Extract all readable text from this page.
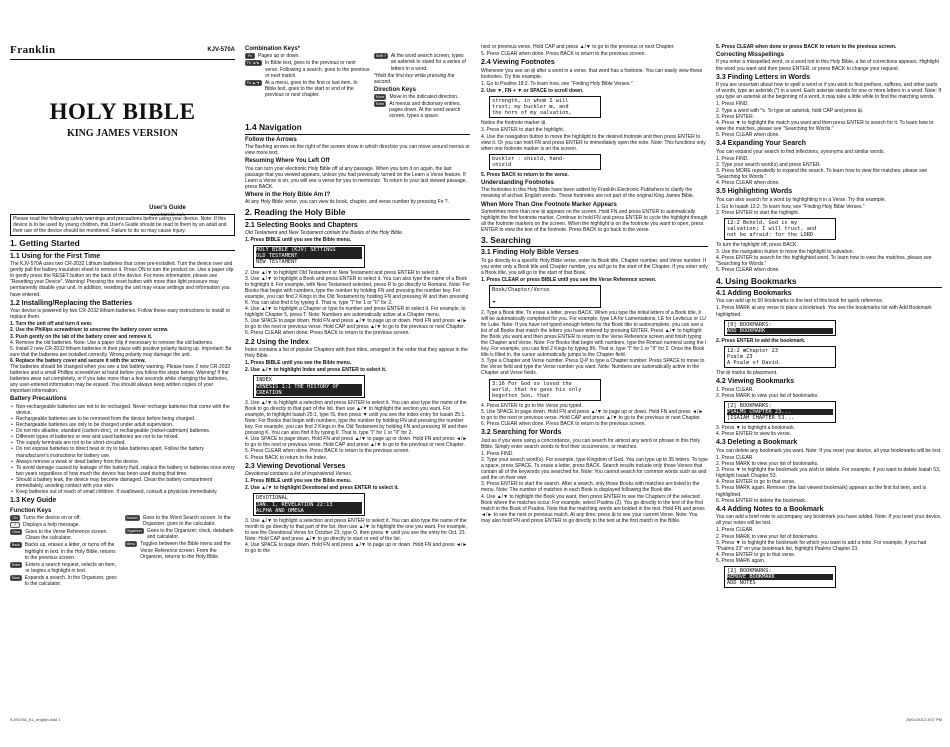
Franklin	KJV-570A
HOLY BIBLE
KING JAMES VERSION
User's Guide
www.franklin.com
Please read the following safety warnings and precautions before using your device. Note: If this device is to be used by young children, this User's Guide should be read to them by an adult and their use of the device should be monitored. Failure to do so may cause injury.
1. Getting Started
1.1 Using for the First Time

The KJV-570A uses two CR-2032 Lithium batteries that come pre-installed. Turn the device over and gently pull the battery insulation sheet to remove it. Press ON to turn the product on. Use a paper clip to gently press the RESET button on the back of the device. For more information, please see "Resetting your Device". Warning! Pressing the reset button with more than light pressure may permanently disable your unit. In addition, resetting the unit may erase settings and information you have entered.

1.2 Installing/Replacing the Batteries

Your device is powered by two CR-2032 lithium batteries. Follow these easy instructions to install or replace them.

1. Turn the unit off and turn it over.
2. Use the Phillips screwdriver to unscrew the battery cover screw.
3. Push gently on the tab of the battery cover and remove it.
4. Remove the old batteries. Note: Use a paper clip if necessary to remove the old batteries.
5. Install 2 new CR-2032 lithium batteries in their place with positive polarity facing up. Important: Be sure that the batteries are installed correctly. Wrong polarity may damage the unit.
6. Replace the battery cover and secure it with the screw.

The batteries should be changed when you see a low battery warning. Please have 2 new CR-2032 batteries and a small Phillips screwdriver at hand before you follow the steps below. Warning! If the batteries wear out completely, or if you take more than a few seconds while changing the batteries, any user-entered information may be erased. You should always keep written copies of your important information.

Battery Precautions
• Non-rechargeable batteries are not to be recharged. Never recharge batteries that come with the device.
• Rechargeable batteries are to be removed from the device before being charged.
• Rechargeable batteries are only to be charged under adult supervision.
• Do not mix alkaline, standard (carbon-zinc), or rechargeable (nickel-cadmium) batteries.
• Different types of batteries or new and used batteries are not to be mixed.
• The supply terminals are not to be short-circuited.
• Do not expose batteries to direct heat or try to take batteries apart. Follow the battery manufacturer's instructions for battery use.
• Always remove a weak or dead battery from the device.
• To avoid damage caused by leakage of the battery fluid, replace the battery or batteries once every two years regardless of how much the device has been used during that time.
• Should a battery leak, the device may become damaged. Clean the battery compartment immediately, avoiding contact with your skin.
• Keep batteries out of reach of small children. If swallowed, consult a physician immediately.
1.3 Key Guide
Function Keys
ON	Turns the device on or off.
?	Displays a help message.
Clear	Goes to the Verse Reference screen. Clears the calculator.
Back	Backs up, erases a letter, or turns off the highlight in text. In the Holy Bible, returns to the previous screen.
Enter	Enters a search request, selects an item, or begins a highlight in text.
Mark	Expands a search. In the Organizer, goes to the calculator.
Search	Goes to the Word Search screen. In the Organizer, goes to the calculator.
Organizer	Goes to the Organizer; clock, databank and calculator.
Menu	Toggles between the Bible menu and the Verse Reference screen. From the Organizer, returns to the Holy Bible.
Combination Keys*
Fn	Pages up or down.
Fn ◄/►	In Bible text, goes to the previous or next verse. Following a search, goes to the previous or next match.
Fn ▲/▼	At a menu, goes to the first or last item. In Bible text, goes to the start or end of the previous or next chapter.
Shift ?	At the word search screen, types an asterisk to stand for a series of letters in a word.

*Hold the first key while pressing the second.

Direction Keys
Move	Move in the indicated direction.
Enter	At menus and dictionary entries, pages down. At the word search screen, types a space.
1.4 Navigation
Follow the Arrows

The flashing arrows on the right of the screen show in which direction you can move around menus or view more text.

Resuming Where You Left Off

You can turn your electronic Holy Bible off at any passage. When you turn it on again, the last passage that you viewed appears, unless you had previously turned on the Learn a Verse feature. If Learn a Verse is on, you will see a verse for you to memorize. To return to your last viewed passage, press BACK.

Where in the Holy Bible Am I?

At any Holy Bible verse, you can view its book, chapter, and verse number by pressing Fn ?.

2. Reading the Holy Bible
2.1 Selecting Books and Chapters

Old Testament and New Testament contain the Books of the Holy Bible.

1. Press BIBLE until you see the Bible menu.

HOLY BIBLE (KJV) SETTINGS
OLD TESTAMENT
NEW TESTAMENT
2. Use ▲/▼ to highlight Old Testament or New Testament and press ENTER to select it.
3. Use ▲/▼ to highlight a Book and press ENTER to select it. You can also type the name of a Book to highlight it. For example, with New Testament selected, press R to go directly to Romans. Note: For Books that begin with numbers, type the number by holding FN and pressing the number key. For example, you can find 2 Kings in the Old Testament by holding FN and pressing W and then pressing K. You can also find it by typing II. That is, type "I" for 1 or "II" for 2.
4. Use ▲/▼ to highlight a Chapter or type its number and press ENTER to select it. For example, to highlight Chapter 5, press T. Note: Numbers are automatically active at a Chapter menu.
5. Use SPACE to page down. Hold FN and press ▲/▼ to page up or down. Hold FN and press ◄/► to go to the next or previous verse. Hold CAP and press ▲/▼ to go to the previous or next Chapter.
6. Press CLEAR when done. Press BACK to return to the previous screen.
2.2 Using the Index

Index contains a list of popular Chapters with their titles, arranged in the order that they appear in the Holy Bible.

1. Press BIBLE until you see the Bible menu.

2. Use ▲/▼ to highlight Index and press ENTER to select it.

INDEX
GENESIS 1:1 THE HISTORY OF
CREATION
3. Use ▲/▼ to highlight a selection and press ENTER to select it. You can also type the name of the Book to go directly to that part of the list, then use ▲/▼ to highlight the section you want. For example, to highlight Isaiah 25:1, type IS, then press ▼ until you see the index entry for Isaiah 25:1. Note: For Books that begin with numbers, type the number by holding FN and pressing the number key. For example, you can find 2 Kings in the Old Testament by holding FN and pressing W and then pressing K. You can also find it by typing II. That is, type "I" for 1 or "II" for 2.
4. Use SPACE to page down. Hold FN and press ▲/▼ to page up or down. Hold FN and press ◄/► to go to the next or previous verse. Hold CAP and press ▲/▼ to go to the previous or next Chapter.
5. Press CLEAR when done. Press BACK to return to the previous screen.
6. Press BACK to return to the Index.
2.3 Viewing Devotional Verses

Devotional contains a list of inspirational Verses.

1. Press BIBLE until you see the Bible menu.

2. Use ▲/▼ to highlight Devotional and press ENTER to select it.

DEVOTIONAL
JAN. 1, REVELATION 22:13
ALPHA AND OMEGA
3. Use ▲/▼ to highlight a selection and press ENTER to select it. You can also type the name of the month to go directly to that part of the list, then use ▲/▼ to highlight the one you want. For example, to see the Devotional Verse for October 23, type O, then press ▼ until you see the entry for Oct. 23. Note: Hold CAP and press ▲/▼ to go directly to start or end of the list.
4. Use SPACE to page down. Hold FN and press ▲/▼ to page up or down. Hold FN and press ◄/► to go to the

next or previous verse. Hold CAP and press ▲/▼ to go to the previous or next Chapter.

5. Press CLEAR when done. Press BACK to return to the previous screen.

2.4 Viewing Footnotes

Whenever you see an ⊞ after a word in a verse, that word has a footnote. You can easily view these footnotes. Try this example.

1. Go to Psalms 18:2. To learn how, see "Finding Holy Bible Verses."

2. Use ▼, FN + ▼ or SPACE to scroll down.

strength, in whom I will
trust; my buckler ⊞, and
the horn of my salvation,

Notice the footnote marker ⊞.

3. Press ENTER to start the highlight.
4. Use the navigation button to move the highlight to the desired footnote and then press ENTER to view it. Or you can hold FN and press ENTER to immediately open the note. Note: This functions only when one footnote marker is on the screen.
buckler : shield, hand-
shield

5. Press BACK to return to the verse.

Understanding Footnotes

The footnotes in this Holy Bible have been added by Franklin Electronic Publishers to clarify the meaning of archaic English words. These footnotes are not part of the original King James Bible.

When More Than One Footnote Marker Appears

Sometimes more than one ⊞ appears on the screen. Hold FN and press ENTER to automatically highlight the first footnote marker. Continue to hold FN and press ENTER to cycle the highlight through all the footnote markers on the screen. When the highlight is on the footnote you want to open, press ENTER to view the text of the footnote. Press BACK to go back to the verse.

3. Searching
3.1 Finding Holy Bible Verses

To go directly to a specific Holy Bible verse, enter its Book title, Chapter number, and Verse number. If you enter only a Book title and Chapter number, you will go to the start of the Chapter. If you enter only a Book title, you will go to the start of that Book.

1. Press CLEAR or press BIBLE until you see the Verse Reference screen.

Book/Chapter/Verse
◄
2. Type a Book title. To erase a letter, press BACK. When you type the initial letters of a Book title, it will be automatically completed for you. For example, type LA for Lamentations, LE for Leviticus or LU for Luke. Note: If you have not typed enough letters for the Book title to autocomplete, you can see a list of all Books that match the letters you have entered by pressing ENTER. Press ▲/▼ to highlight the Book you want and then press ENTER to return to the Verse Reference screen and finish typing the Chapter and Verse. Note: For Books that begin with numbers, type the Roman numeral using the I key. For example, you can find 2 Kings by typing IIK. That is, type "I" for 1 or "II" for 2. Once the Book title is filled in, the cursor automatically jumps to the Chapter field.
3. Type a Chapter and Verse number. Press Q-P to type a Chapter number. Press SPACE to move to the Verse field and type the Verse number you want. Note: Numbers are automatically active in the Chapter and Verse fields.
3:16 For God so loved the
world, that he gave his only
begotten Son, that
4. Press ENTER to go to the Verse you typed.
5. Use SPACE to page down. Hold FN and press ▲/▼ to page up or down. Hold FN and press ◄/► to go to the next or previous verse. Hold CAP and press ▲/▼ to go to the previous or next Chapter.
6. Press CLEAR when done. Press BACK to return to the previous screen.
3.2 Searching for Words

Just as if you were using a concordance, you can search for almost any word or phrase in this Holy Bible. Simply enter search words to find their occurrences, or matches.

1. Press FIND.
2. Type your search word(s). For example, type Kingdom of God. You can type up to 35 letters. To type a space, press SPACE. To erase a letter, press BACK. Search results include only those Verses that contain all of the keywords you searched for. Note: You cannot search for common words such as and and the on their own.
3. Press ENTER to start the search. After a search, only those Books with matches are listed in the menu. Note: The number of matches in each Book is displayed following the Book title.
4. Use ▲/▼ to highlight the Book you want, then press ENTER to see the Chapters of the selected Book where the matches occur. For example, select Psalms (2). You go directly to the text of the first match in the Book of Psalms. Note that the matching words are bolded in the text. Hold FN and press ◄/► to see the next or previous match. At any time, press ⊞ to see your current Verse. Note: You may also hold FN and press ENTER to go directly to the text at the first match in the Bible.

5. Press CLEAR when done or press BACK to return to the previous screen.

Correcting Misspellings

If you enter a misspelled word, or a word not in this Holy Bible, a list of corrections appears. Highlight the word you want and then press ENTER, or press BACK to change your request.

3.3 Finding Letters in Words

If you are uncertain about how to spell a word or if you wish to find prefixes, suffixes, and other parts of words, type an asterisk (*) in a word. Each asterisk stands for one or more letters in a word. Note: If you type an asterisk at the beginning of a word, it may take a little while to find the matching words.

1. Press FIND.
2. Type a word with *s. To type an asterisk, hold CAP and press ⊞.
3. Press ENTER.
4. Press ▼ to highlight the match you want and then press ENTER to search for it. To learn how to view the matches, please see "Searching for Words."
5. Press CLEAR when done.
3.4 Expanding Your Search

You can expand your search to find inflections, synonyms and similar words.

1. Press FIND.
2. Type your search word(s) and press ENTER.
3. Press MORE repeatedly to expand the search. To learn how to view the matches, please see "Searching for Words."
4. Press CLEAR when done.
3.5 Highlighting Words

You can also search for a word by highlighting it in a Verse. Try this example.

1. Go to Isaiah 12:2. To learn how, see "Finding Holy Bible Verses."
2. Press ENTER to start the highlight.
12:2 Behold, God is my
salvation; I will trust, and
not be afraid: for the LORD

To turn the highlight off, press BACK.

3. Use the navigation button to move the highlight to salvation.
4. Press ENTER to search for the highlighted word. To learn how to view the matches, please see "Searching for Words."
5. Press CLEAR when done.
4. Using Bookmarks
4.1 Adding Bookmarks

You can add up to 50 bookmarks to the text of this book for quick reference.

1. Press MARK at any verse to place a bookmark. You see the bookmarks list with Add Bookmark highlighted.

[0] BOOKMARKS:
ADD BOOKMARK

2. Press ENTER to add the bookmark.

12:2 ⊞Chapter 23
Psalm 23
A Psalm of David.

The ⊞ marks its placement.

4.2 Viewing Bookmarks
1. Press CLEAR.
2. Press MARK to view your list of bookmarks.
[2] BOOKMARKS:
PSALMS CHAPTER 23...
[ISAIAH CHAPTER 53...
3. Press ▼ to highlight a bookmark.
4. Press ENTER to view its verse.
4.3 Deleting a Bookmark

You can delete any bookmark you want. Note: If you reset your device, all your bookmarks will be lost.

1. Press CLEAR.
2. Press MARK to view your list of bookmarks.
3. Press ▼ to highlight the bookmark you wish to delete. For example, if you want to delete Isaiah 53, highlight Isaiah Chapter 53.
4. Press ENTER to go to that verse.
5. Press MARK again. Remove: (the last viewed bookmark) appears as the first list item, and is highlighted.
6. Press ENTER to delete the bookmark.
4.4 Adding Notes to a Bookmark

You can add a brief note to accompany any bookmark you have added. Note: If you reset your device, all your notes will be lost.

1. Press CLEAR.
2. Press MARK to view your list of bookmarks.
3. Press ▼ to highlight the bookmark for which you want to add a note. For example, if you had "Psalms 23" on your bookmark list, highlight Psalms Chapter 23.
4. Press ENTER to go to that verse.
5. Press MARK again.
[2] BOOKMARKS:
REMOVE BOOKMARK
ADD NOTES
KJV570A_EL_english.indd 1	25/01/2013 3:07 PM
